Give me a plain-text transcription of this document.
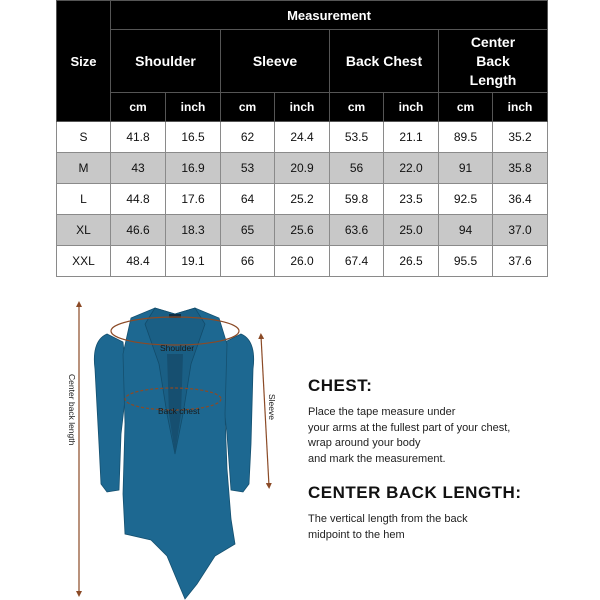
Size	Measurement							
	Shoulder		Sleeve		Back Chest		Center Back Length	
	cm	inch	cm	inch	cm	inch	cm	inch
S	41.8	16.5	62	24.4	53.5	21.1	89.5	35.2
M	43	16.9	53	20.9	56	22.0	91	35.8
L	44.8	17.6	64	25.2	59.8	23.5	92.5	36.4
XL	46.6	18.3	65	25.6	63.6	25.0	94	37.0
XXL	48.4	19.1	66	26.0	67.4	26.5	95.5	37.6
Shoulder
Back chest
Center back length	Sleeve
CHEST:
Place the tape measure under
your arms at the fullest part of your chest,
wrap around your body
and mark the measurement.
CENTER BACK LENGTH:
The vertical length from the back
midpoint to the hem
